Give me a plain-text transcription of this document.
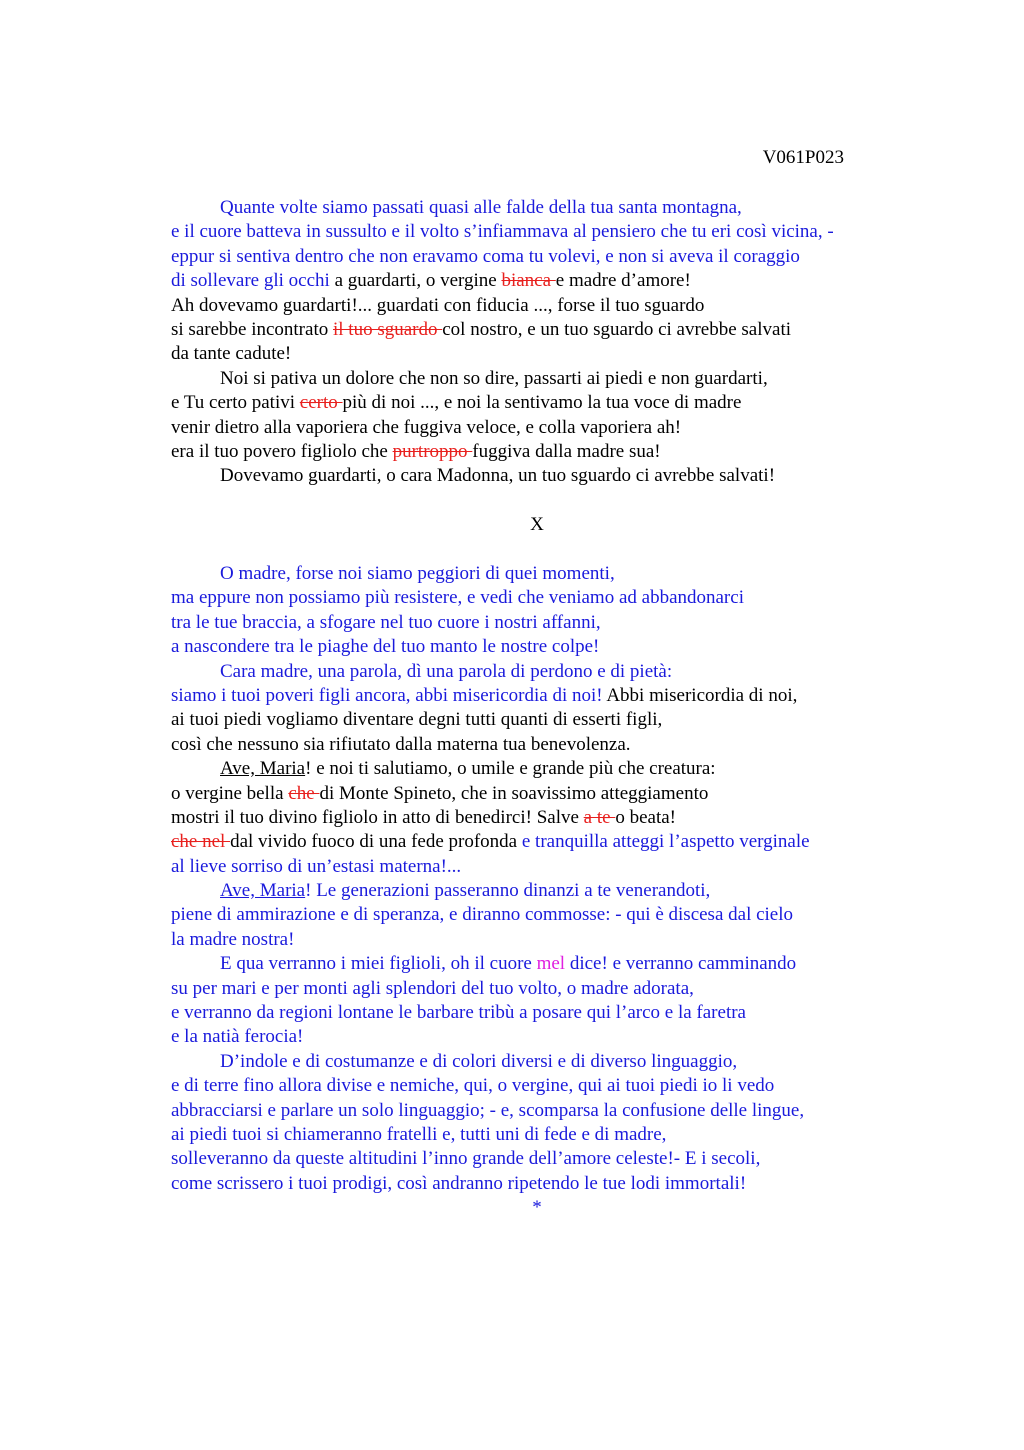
V061P023
Quante volte siamo passati quasi alle falde della tua santa montagna,
e il cuore batteva in sussulto e il volto s’infiammava al pensiero che tu eri così vicina, -
eppur si sentiva dentro che non eravamo coma tu volevi, e non si aveva il coraggio
di sollevare gli occhi a guardarti, o vergine bianca e madre d’amore!
Ah dovevamo guardarti!... guardati con fiducia ..., forse il tuo sguardo
si sarebbe incontrato il tuo sguardo col nostro, e un tuo sguardo ci avrebbe salvati
da tante cadute!
Noi si pativa un dolore che non so dire, passarti ai piedi e non guardarti,
e Tu certo pativi certo più di noi ..., e noi la sentivamo la tua voce di madre
venir dietro alla vaporiera che fuggiva veloce, e colla vaporiera ah!
era il tuo povero figliolo che purtroppo fuggiva dalla madre sua!
Dovevamo guardarti, o cara Madonna, un tuo sguardo ci avrebbe salvati!
X
O madre, forse noi siamo peggiori di quei momenti,
ma eppure non possiamo più resistere, e vedi che veniamo ad abbandonarci
tra le tue braccia, a sfogare nel tuo cuore i nostri affanni,
a nascondere tra le piaghe del tuo manto le nostre colpe!
Cara madre, una parola, dì una parola di perdono e di pietà:
siamo i tuoi poveri figli ancora, abbi misericordia di noi! Abbi misericordia di noi,
ai tuoi piedi vogliamo diventare degni tutti quanti di esserti figli,
così che nessuno sia rifiutato dalla materna tua benevolenza.
Ave, Maria! e noi ti salutiamo, o umile e grande più che creatura:
o vergine bella che di Monte Spineto, che in soavissimo atteggiamento
mostri il tuo divino figliolo in atto di benedirci! Salve a te o beata!
che nel dal vivido fuoco di una fede profonda e tranquilla atteggi l’aspetto verginale
al lieve sorriso di un’estasi materna!...
Ave, Maria! Le generazioni passeranno dinanzi a te venerandoti,
piene di ammirazione e di speranza, e diranno commosse: - qui è discesa dal cielo
la madre nostra!
E qua verranno i miei figlioli, oh il cuore mel dice! e verranno camminando
su per mari e per monti agli splendori del tuo volto, o madre adorata,
e verranno da regioni lontane le barbare tribù a posare qui l’arco e la faretra
e la natià ferocia!
D’indole e di costumanze e di colori diversi e di diverso linguaggio,
e di terre fino allora divise e nemiche, qui, o vergine, qui ai tuoi piedi io li vedo
abbracciarsi e parlare un solo linguaggio; - e, scomparsa la confusione delle lingue,
ai piedi tuoi si chiameranno fratelli e, tutti uni di fede e di madre,
solleveranno da queste altitudini l’inno grande dell’amore celeste!- E i secoli,
come scrissero i tuoi prodigi, così andranno ripetendo le tue lodi immortali!
*
